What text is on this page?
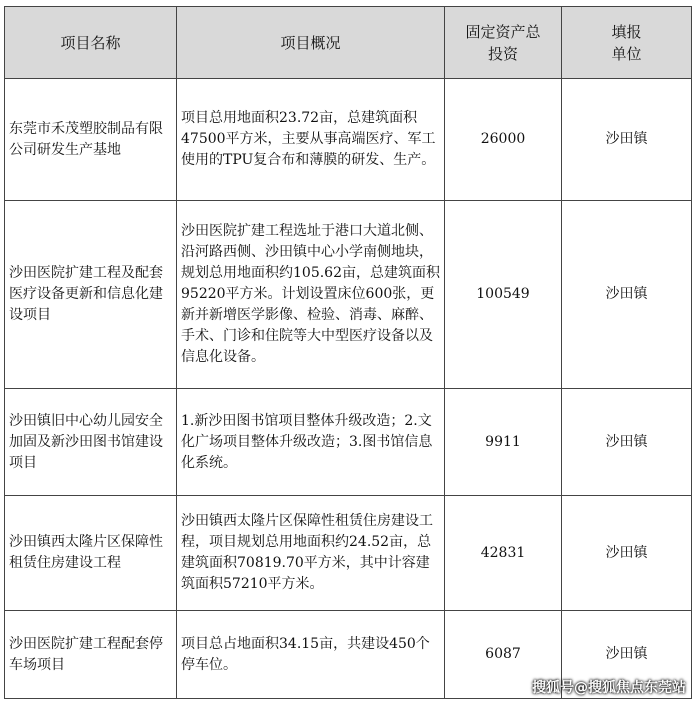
项目名称	项目概况	固定资产总投资	填报单位
东莞市禾茂塑胶制品有限公司研发生产基地	项目总用地面积23.72亩，总建筑面积47500平方米，主要从事高端医疗、军工使用的TPU复合布和薄膜的研发、生产。	26000	沙田镇
沙田医院扩建工程及配套医疗设备更新和信息化建设项目	沙田医院扩建工程选址于港口大道北侧、沿河路西侧、沙田镇中心小学南侧地块，规划总用地面积约105.62亩，总建筑面积95220平方米。计划设置床位600张，更新并新增医学影像、检验、消毒、麻醉、手术、门诊和住院等大中型医疗设备以及信息化设备。	100549	沙田镇
沙田镇旧中心幼儿园安全加固及新沙田图书馆建设项目	1.新沙田图书馆项目整体升级改造；2.文化广场项目整体升级改造；3.图书馆信息化系统。	9911	沙田镇
沙田镇西太隆片区保障性租赁住房建设工程	沙田镇西太隆片区保障性租赁住房建设工程，项目规划总用地面积约24.52亩，总建筑面积70819.70平方米，其中计容建筑面积57210平方米。	42831	沙田镇
沙田医院扩建工程配套停车场项目	项目总占地面积34.15亩，共建设450个停车位。	6087	沙田镇
搜狐号@搜狐焦点东莞站
